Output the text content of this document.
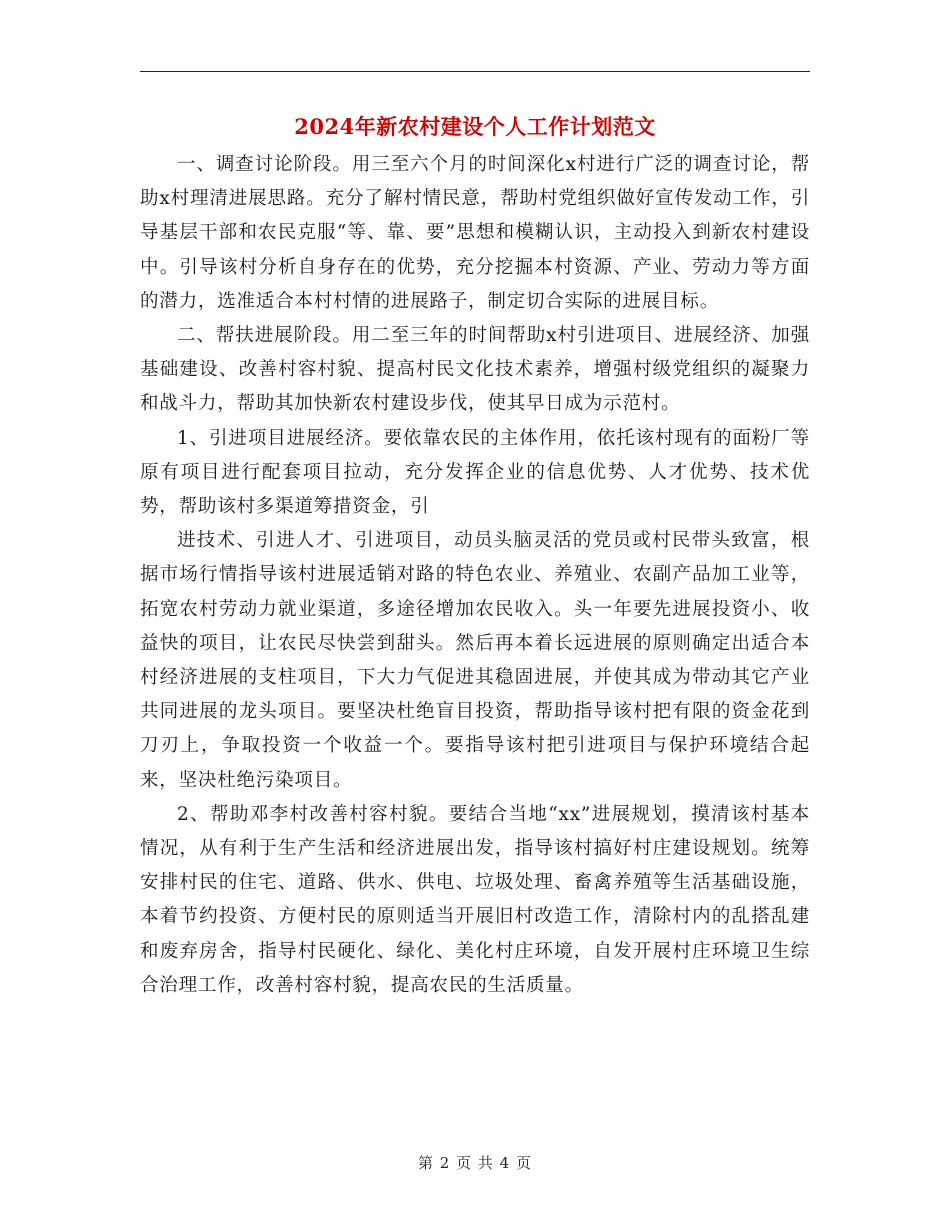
2024年新农村建设个人工作计划范文

一、调查讨论阶段。用三至六个月的时间深化x村进行广泛的调查讨论，帮助x村理清进展思路。充分了解村情民意，帮助村党组织做好宣传发动工作，引导基层干部和农民克服“等、靠、要”思想和模糊认识，主动投入到新农村建设中。引导该村分析自身存在的优势，充分挖掘本村资源、产业、劳动力等方面的潜力，选准适合本村村情的进展路子，制定切合实际的进展目标。

二、帮扶进展阶段。用二至三年的时间帮助x村引进项目、进展经济、加强基础建设、改善村容村貌、提高村民文化技术素养，增强村级党组织的凝聚力和战斗力，帮助其加快新农村建设步伐，使其早日成为示范村。

1、引进项目进展经济。要依靠农民的主体作用，依托该村现有的面粉厂等原有项目进行配套项目拉动，充分发挥企业的信息优势、人才优势、技术优势，帮助该村多渠道筹措资金，引

进技术、引进人才、引进项目，动员头脑灵活的党员或村民带头致富，根据市场行情指导该村进展适销对路的特色农业、养殖业、农副产品加工业等，拓宽农村劳动力就业渠道，多途径增加农民收入。头一年要先进展投资小、收益快的项目，让农民尽快尝到甜头。然后再本着长远进展的原则确定出适合本村经济进展的支柱项目，下大力气促进其稳固进展，并使其成为带动其它产业共同进展的龙头项目。要坚决杜绝盲目投资，帮助指导该村把有限的资金花到刀刃上，争取投资一个收益一个。要指导该村把引进项目与保护环境结合起来，坚决杜绝污染项目。

2、帮助邓李村改善村容村貌。要结合当地“xx”进展规划，摸清该村基本情况，从有利于生产生活和经济进展出发，指导该村搞好村庄建设规划。统筹安排村民的住宅、道路、供水、供电、垃圾处理、畜禽养殖等生活基础设施，本着节约投资、方便村民的原则适当开展旧村改造工作，清除村内的乱搭乱建和废弃房舍，指导村民硬化、绿化、美化村庄环境，自发开展村庄环境卫生综合治理工作，改善村容村貌，提高农民的生活质量。

第 2 页 共 4 页
